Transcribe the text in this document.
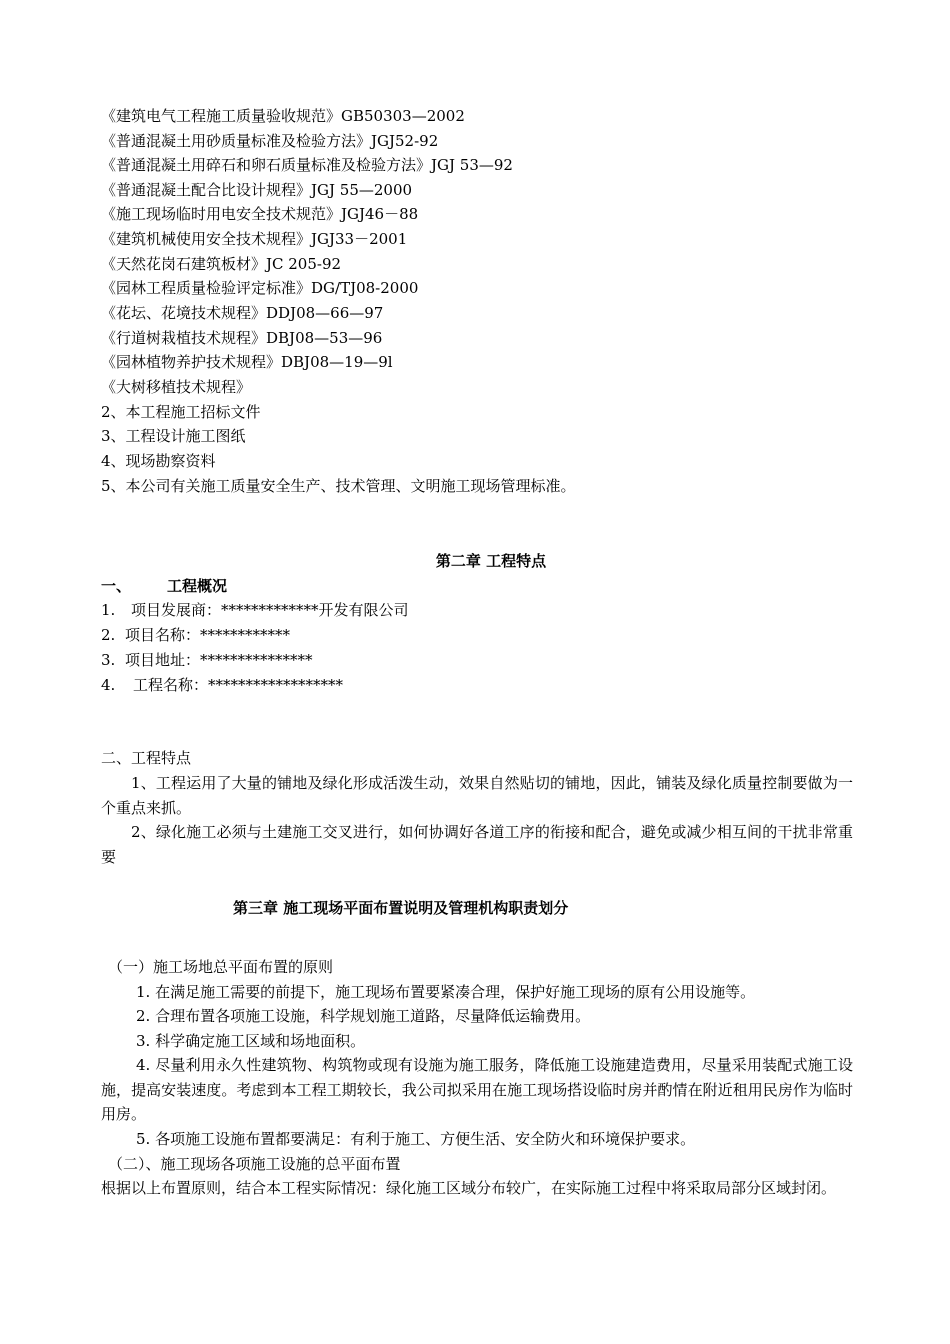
《建筑电气工程施工质量验收规范》GB50303—2002
《普通混凝土用砂质量标准及检验方法》JGJ52-92
《普通混凝土用碎石和卵石质量标准及检验方法》JGJ 53—92
《普通混凝土配合比设计规程》JGJ 55—2000
《施工现场临时用电安全技术规范》JGJ46－88
《建筑机械使用安全技术规程》JGJ33－2001
《天然花岗石建筑板材》JC 205-92
《园林工程质量检验评定标准》DG/TJ08-2000
《花坛、花境技术规程》DDJ08—66—97
《行道树栽植技术规程》DBJ08—53—96
《园林植物养护技术规程》DBJ08—19—9l
《大树移植技术规程》
2、本工程施工招标文件
3、工程设计施工图纸
4、现场勘察资料
5、本公司有关施工质量安全生产、技术管理、文明施工现场管理标准。
第二章 工程特点
一、 工程概况
1. 项目发展商：*************开发有限公司
2. 项目名称：************
3. 项目地址：***************
4. 工程名称：******************
二、工程特点
1、工程运用了大量的铺地及绿化形成活泼生动，效果自然贴切的铺地，因此，铺装及绿化质量控制要做为一个重点来抓。
2、绿化施工必须与土建施工交叉进行，如何协调好各道工序的衔接和配合，避免或减少相互间的干扰非常重要
第三章 施工现场平面布置说明及管理机构职责划分
（一）施工场地总平面布置的原则
1. 在满足施工需要的前提下，施工现场布置要紧凑合理，保护好施工现场的原有公用设施等。
2. 合理布置各项施工设施，科学规划施工道路，尽量降低运输费用。
3. 科学确定施工区域和场地面积。
4. 尽量利用永久性建筑物、构筑物或现有设施为施工服务，降低施工设施建造费用，尽量采用装配式施工设施，提高安装速度。考虑到本工程工期较长，我公司拟采用在施工现场搭设临时房并酌情在附近租用民房作为临时用房。
5. 各项施工设施布置都要满足：有利于施工、方便生活、安全防火和环境保护要求。
（二）、施工现场各项施工设施的总平面布置
根据以上布置原则，结合本工程实际情况：绿化施工区域分布较广，在实际施工过程中将采取局部分区域封闭。
